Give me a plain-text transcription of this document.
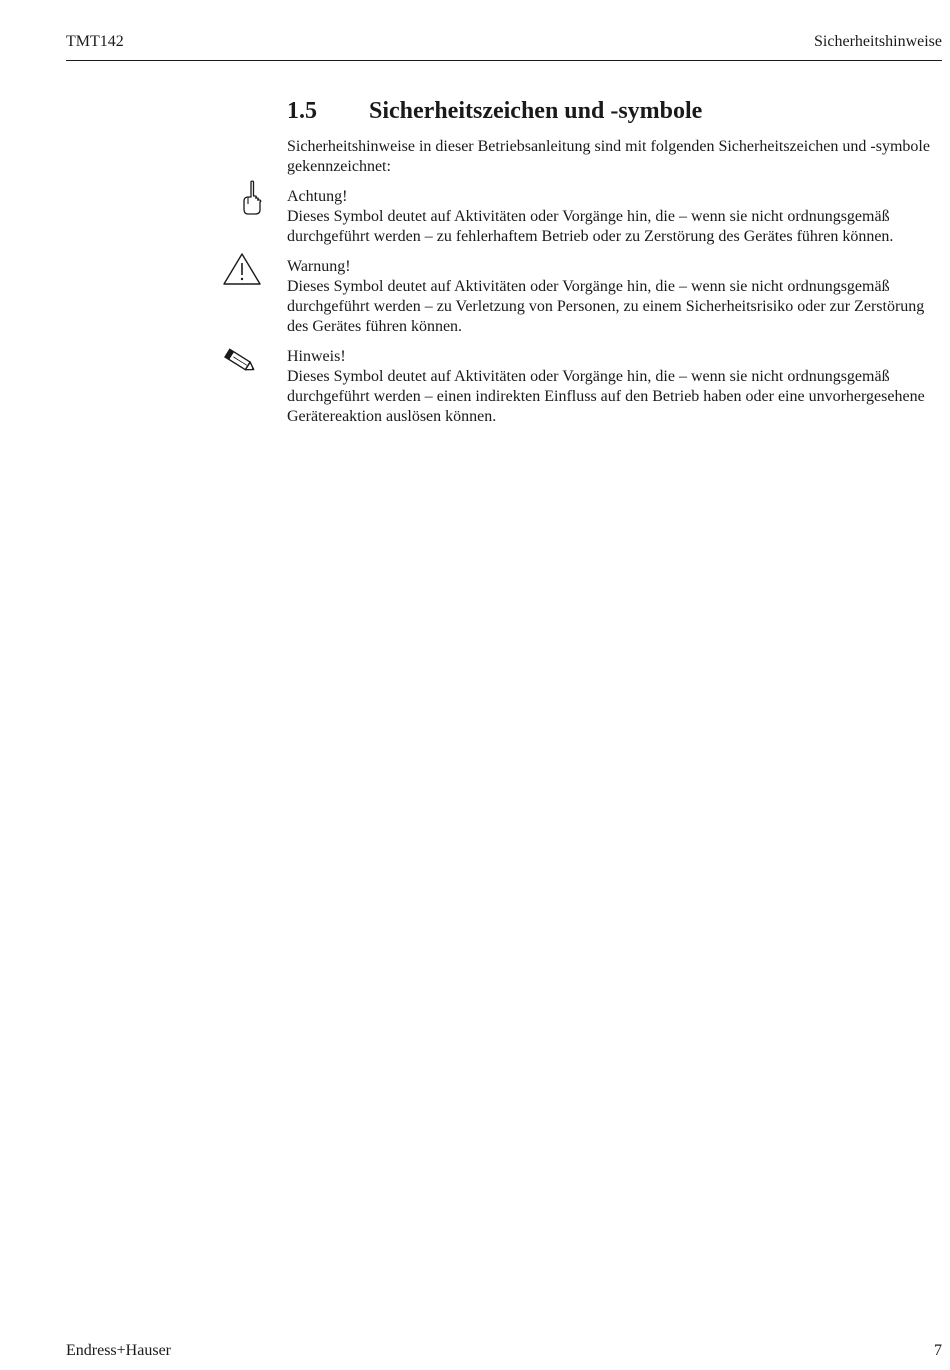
TMT142	Sicherheitshinweise
1.5	Sicherheitszeichen und -symbole

Sicherheitshinweise in dieser Betriebsanleitung sind mit folgenden Sicherheitszeichen und -symbole gekennzeichnet:

Achtung!
Dieses Symbol deutet auf Aktivitäten oder Vorgänge hin, die – wenn sie nicht ordnungsgemäß durchgeführt werden – zu fehlerhaftem Betrieb oder zu Zerstörung des Gerätes führen können.
Warnung!
Dieses Symbol deutet auf Aktivitäten oder Vorgänge hin, die – wenn sie nicht ordnungsgemäß durchgeführt werden – zu Verletzung von Personen, zu einem Sicherheitsrisiko oder zur Zerstörung des Gerätes führen können.
Hinweis!
Dieses Symbol deutet auf Aktivitäten oder Vorgänge hin, die – wenn sie nicht ordnungsgemäß durchgeführt werden – einen indirekten Einfluss auf den Betrieb haben oder eine unvorhergesehene Gerätereaktion auslösen können.
Endress+Hauser	7
